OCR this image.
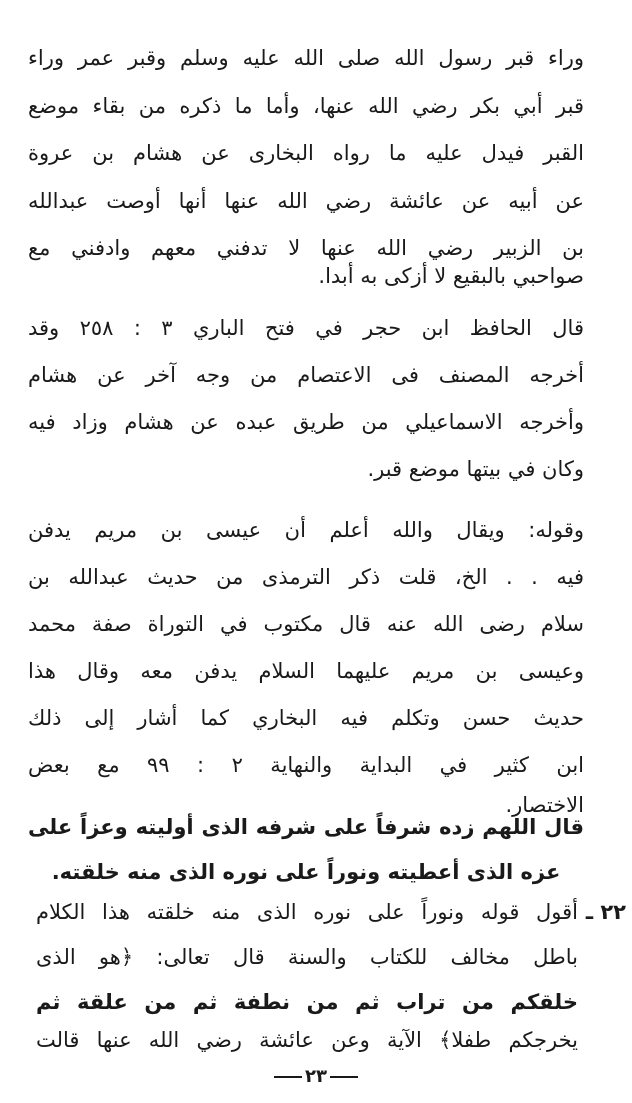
وراء قبر رسول الله صلى الله عليه وسلم وقبر عمر وراء
قبر أبي بكر رضي الله عنها، وأما ما ذكره من بقاء موضع
القبر فيدل عليه ما رواه البخارى عن هشام بن عروة
عن أبيه عن عائشة رضي الله عنها أنها أوصت عبدالله
بن الزبير رضي الله عنها لا تدفني معهم وادفني مع
صواحبي بالبقيع لا أزكى به أبدا.
قال الحافظ ابن حجر في فتح الباري ٣ : ٢٥٨ وقد
أخرجه المصنف فى الاعتصام من وجه آخر عن هشام
وأخرجه الاسماعيلي من طريق عبده عن هشام وزاد فيه
وكان في بيتها موضع قبر.
وقوله: ويقال والله أعلم أن عيسى بن مريم يدفن
فيه . . الخ، قلت ذكر الترمذى من حديث عبدالله بن
سلام رضى الله عنه قال مكتوب في التوراة صفة محمد
وعيسى بن مريم عليهما السلام يدفن معه وقال هذا
حديث حسن وتكلم فيه البخاري كما أشار إلى ذلك
ابن كثير في البداية والنهاية ٢ : ٩٩ مع بعض
الاختصار.
قال اللهم زده شرفاً على شرفه الذى أوليته وعزاً على
عزه الذى أعطيته ونوراً على نوره الذى منه خلقته.
٢٢ ـ
أقول قوله ونوراً على نوره الذى منه خلقته هذا الكلام
باطل مخالف للكتاب والسنة قال تعالى: ﴿هو الذى
خلقكم من تراب ثم من نطفة ثم من علقة ثم
يخرجكم طفلا﴾ الآية وعن عائشة رضي الله عنها قالت
٢٣
